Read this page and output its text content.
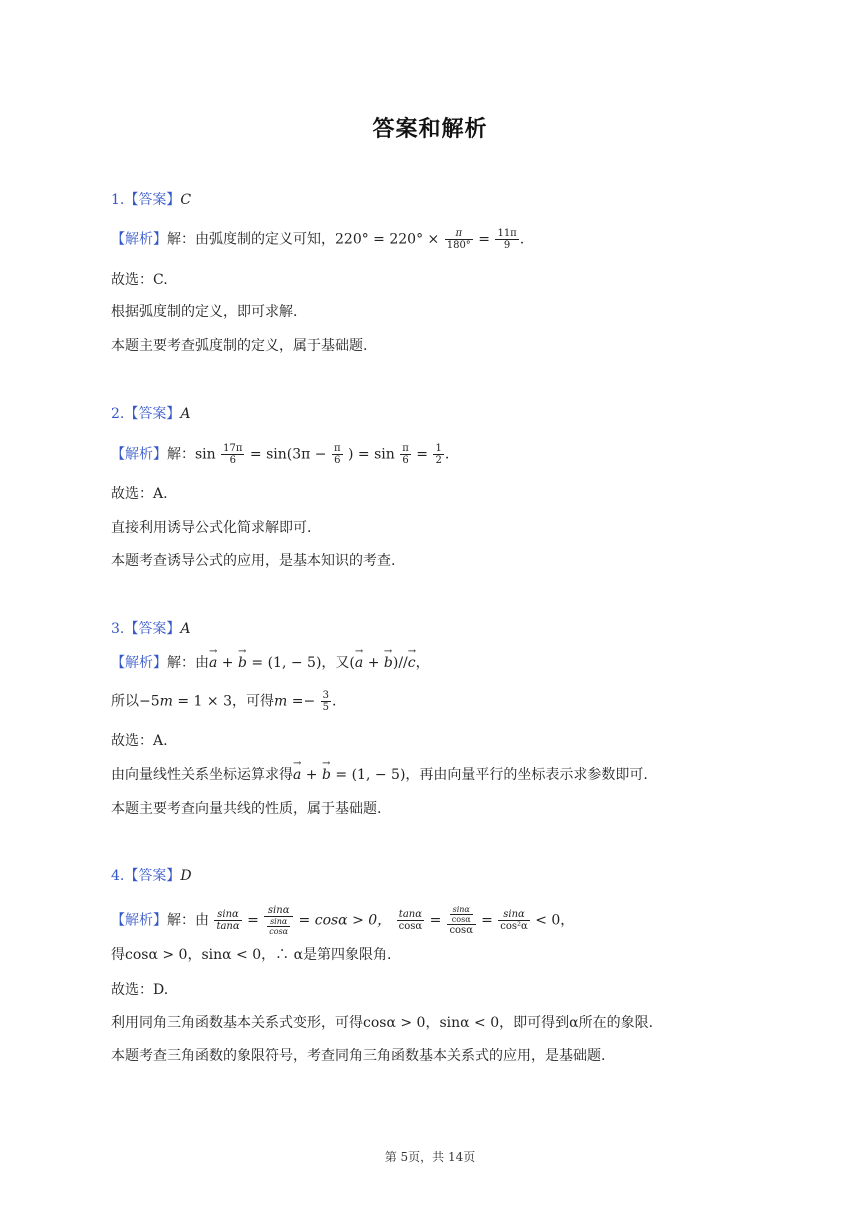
答案和解析
1.【答案】C
【解析】解：由弧度制的定义可知，$220^\circ = 220^\circ \times \frac{\pi}{180^\circ} = \frac{11\pi}{9}$ .
故选：C.
根据弧度制的定义，即可求解.
本题主要考查弧度制的定义，属于基础题.
2.【答案】A
【解析】解：$\sin \frac{17\pi}{6} = \sin(3\pi - \frac{\pi}{6}$ ) = $\sin \frac{\pi}{6} = \frac{1}{2}$ .
故选：A.
直接利用诱导公式化简求解即可.
本题考查诱导公式的应用，是基本知识的考查.
3.【答案】A
【解析】解：由→ a + → b = (1, − 5)，又(→ a + → b)//→ c，
所以−5m = 1 × 3，可得$m =- \frac{3}{5}$ .
故选：A.
由向量线性关系坐标运算求得→ a + → b = (1, − 5)，再由向量平行的坐标表示求参数即可.
本题主要考查向量共线的性质，属于基础题.
4.【答案】D
【解析】解：由 $\frac{\sin\alpha}{\tan\alpha} = \frac{\sin\alpha}{\frac{\sin\alpha}{\cos\alpha}} = \cos\alpha > 0$， $\frac{\tan\alpha}{\cos\alpha} = \frac{\frac{\sin\alpha}{\cos\alpha}}{\cos\alpha} = \frac{\sin\alpha}{\text{cos²α}} < 0$，
得cosα > 0，sinα < 0，∴ α是第四象限角.
故选：D.
利用同角三角函数基本关系式变形，可得cosα > 0，sinα < 0，即可得到α所在的象限.
本题考查三角函数的象限符号，考查同角三角函数基本关系式的应用，是基础题.
第 5页，共 14页
